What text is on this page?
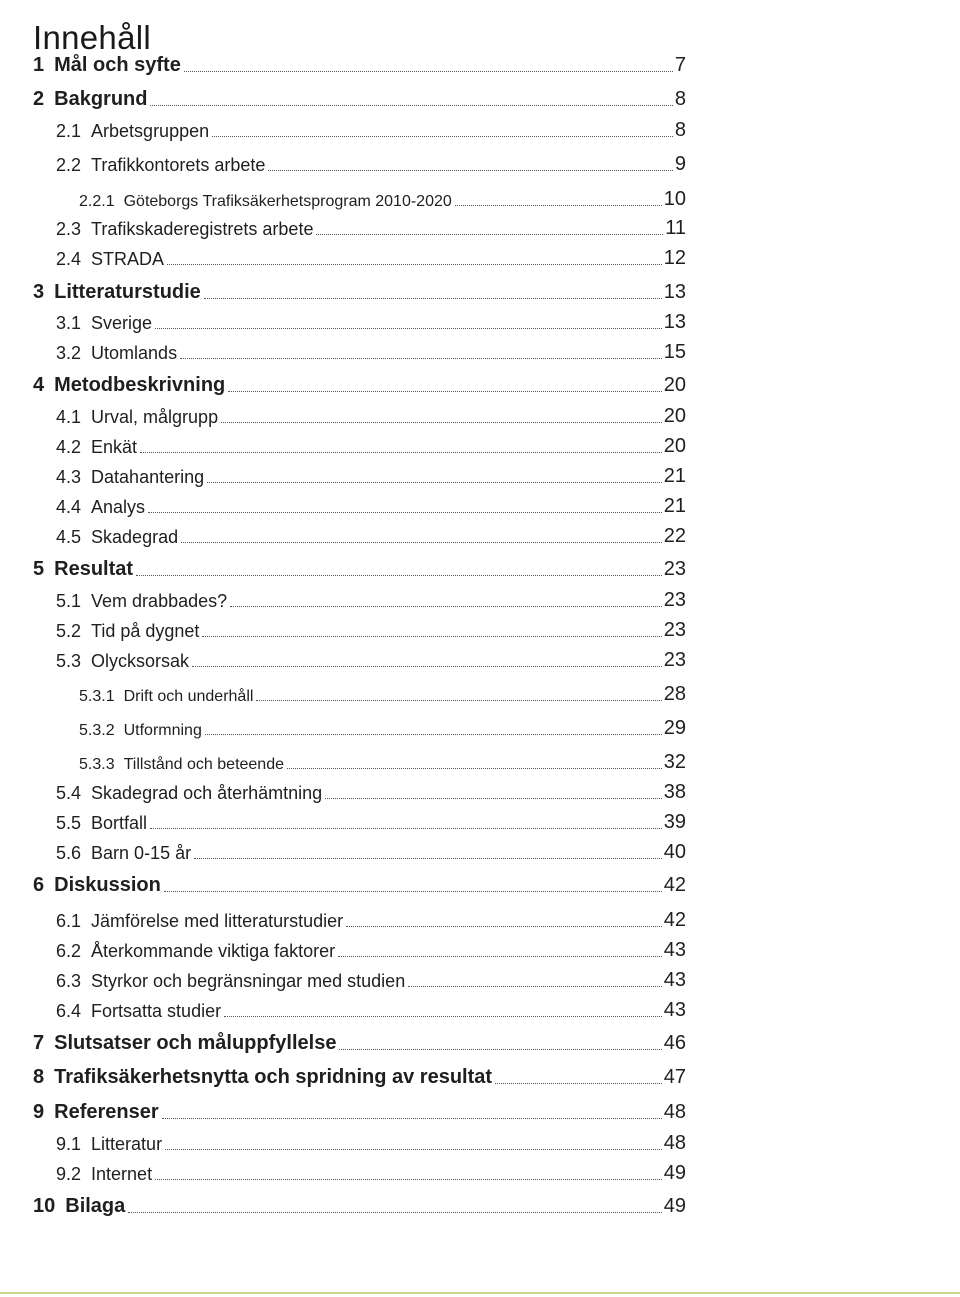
Innehåll
1 Mål och syfte	7
2 Bakgrund	8
2.1 Arbetsgruppen	8
2.2 Trafikkontorets arbete	9
2.2.1 Göteborgs Trafiksäkerhetsprogram 2010-2020	10
2.3 Trafikskaderegistrets arbete	11
2.4 STRADA	12
3 Litteraturstudie	13
3.1 Sverige	13
3.2 Utomlands	15
4 Metodbeskrivning	20
4.1 Urval, målgrupp	20
4.2 Enkät	20
4.3 Datahantering	21
4.4 Analys	21
4.5 Skadegrad	22
5 Resultat	23
5.1 Vem drabbades?	23
5.2 Tid på dygnet	23
5.3 Olycksorsak	23
5.3.1 Drift och underhåll	28
5.3.2 Utformning	29
5.3.3 Tillstånd och beteende	32
5.4 Skadegrad och återhämtning	38
5.5 Bortfall	39
5.6 Barn 0-15 år	40
6 Diskussion	42
6.1 Jämförelse med litteraturstudier	42
6.2 Återkommande viktiga faktorer	43
6.3 Styrkor och begränsningar med studien	43
6.4 Fortsatta studier	43
7 Slutsatser och måluppfyllelse	46
8 Trafiksäkerhetsnytta och spridning av resultat	47
9 Referenser	48
9.1 Litteratur	48
9.2 Internet	49
10 Bilaga	49
